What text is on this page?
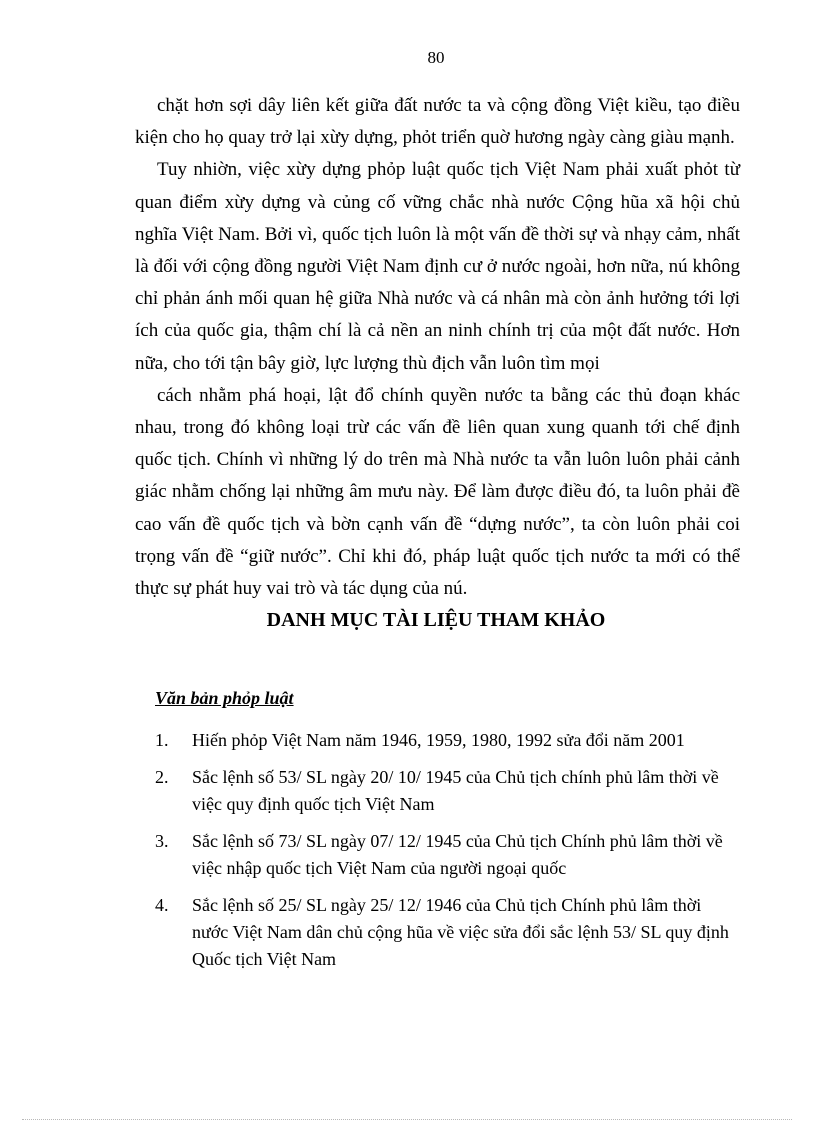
80

chặt hơn sợi dây liên kết giữa đất nước ta và cộng đồng Việt kiều, tạo điều kiện cho họ quay trở lại xừy dựng, phỏt triển quờ hương ngày càng giàu mạnh.

Tuy nhiờn, việc xừy dựng phỏp luật quốc tịch Việt Nam phải xuất phỏt từ quan điểm xừy dựng và củng cố vững chắc nhà nước Cộng hũa xã hội chủ nghĩa Việt Nam. Bởi vì, quốc tịch luôn là một vấn đề thời sự và nhạy cảm, nhất là đối với cộng đồng người Việt Nam định cư ở nước ngoài, hơn nữa, nú không chỉ phản ánh mối quan hệ giữa Nhà nước và cá nhân mà còn ảnh hưởng tới lợi ích của quốc gia, thậm chí là cả nền an ninh chính trị của một đất nước. Hơn nữa, cho tới tận bây giờ, lực lượng thù địch vẫn luôn tìm mọi

cách nhằm phá hoại, lật đổ chính quyền nước ta bằng các thủ đoạn khác nhau, trong đó không loại trừ các vấn đề liên quan xung quanh tới chế định quốc tịch. Chính vì những lý do trên mà Nhà nước ta vẫn luôn luôn phải cảnh giác nhằm chống lại những âm mưu này. Để làm được điều đó, ta luôn phải đề cao vấn đề quốc tịch và bờn cạnh vấn đề “dựng nước”, ta còn luôn phải coi trọng vấn đề “giữ nước”. Chỉ khi đó, pháp luật quốc tịch nước ta mới có thể thực sự phát huy vai trò và tác dụng của nú.

DANH MỤC TÀI LIỆU THAM KHẢO
Văn bản phỏp luật
1.	Hiến phỏp Việt Nam năm 1946, 1959, 1980, 1992 sửa đổi năm 2001
2.	Sắc lệnh số 53/ SL ngày 20/ 10/ 1945 của Chủ tịch chính phủ lâm thời về việc quy định quốc tịch Việt Nam
3.	Sắc lệnh số 73/ SL ngày 07/ 12/ 1945 của Chủ tịch Chính phủ lâm thời về việc nhập quốc tịch Việt Nam của người ngoại quốc
4.	Sắc lệnh số 25/ SL ngày 25/ 12/ 1946 của Chủ tịch Chính phủ lâm thời nước Việt Nam dân chủ cộng hũa về việc sửa đổi sắc lệnh 53/ SL quy định Quốc tịch Việt Nam
